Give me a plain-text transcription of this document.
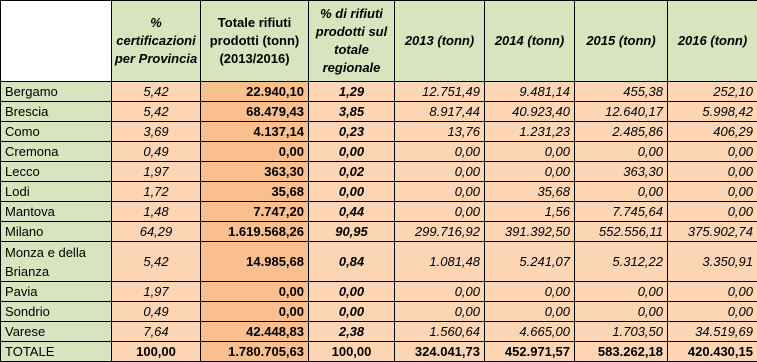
	% certificazioni per Provincia	Totale rifiuti prodotti (tonn) (2013/2016)	% di rifiuti prodotti sul totale regionale	2013 (tonn)	2014 (tonn)	2015 (tonn)	2016 (tonn)
Bergamo	5,42	22.940,10	1,29	12.751,49	9.481,14	455,38	252,10
Brescia	5,42	68.479,43	3,85	8.917,44	40.923,40	12.640,17	5.998,42
Como	3,69	4.137,14	0,23	13,76	1.231,23	2.485,86	406,29
Cremona	0,49	0,00	0,00	0,00	0,00	0,00	0,00
Lecco	1,97	363,30	0,02	0,00	0,00	363,30	0,00
Lodi	1,72	35,68	0,00	0,00	35,68	0,00	0,00
Mantova	1,48	7.747,20	0,44	0,00	1,56	7.745,64	0,00
Milano	64,29	1.619.568,26	90,95	299.716,92	391.392,50	552.556,11	375.902,74
Monza e della Brianza	5,42	14.985,68	0,84	1.081,48	5.241,07	5.312,22	3.350,91
Pavia	1,97	0,00	0,00	0,00	0,00	0,00	0,00
Sondrio	0,49	0,00	0,00	0,00	0,00	0,00	0,00
Varese	7,64	42.448,83	2,38	1.560,64	4.665,00	1.703,50	34.519,69
TOTALE	100,00	1.780.705,63	100,00	324.041,73	452.971,57	583.262,18	420.430,15
